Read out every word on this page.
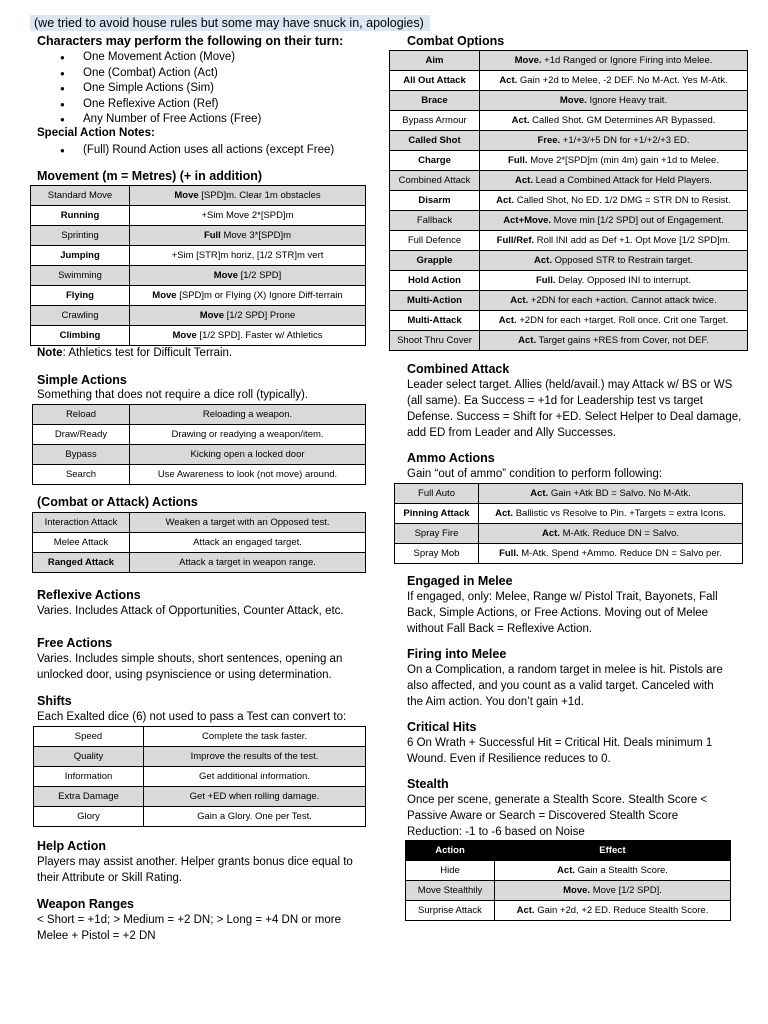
(we tried to avoid house rules but some may have snuck in, apologies)
Characters may perform the following on their turn:
● One Movement Action (Move)
● One (Combat) Action (Act)
● One Simple Actions (Sim)
● One Reflexive Action (Ref)
● Any Number of Free Actions (Free)
Special Action Notes:
● (Full) Round Action uses all actions (except Free)
Movement (m = Metres) (+ in addition)
Standard Move	Move [SPD]m. Clear 1m obstacles
Running	+Sim Move 2*[SPD]m
Sprinting	Full Move 3*[SPD]m
Jumping	+Sim [STR]m horiz, [1/2 STR]m vert
Swimming	Move [1/2 SPD]
Flying	Move [SPD]m or Flying (X) Ignore Diff-terrain
Crawling	Move [1/2 SPD] Prone
Climbing	Move [1/2 SPD]. Faster w/ Athletics

Note: Athletics test for Difficult Terrain.

Simple Actions

Something that does not require a dice roll (typically).

Reload	Reloading a weapon.
Draw/Ready	Drawing or readying a weapon/item.
Bypass	Kicking open a locked door
Search	Use Awareness to look (not move) around.
(Combat or Attack) Actions
Interaction Attack	Weaken a target with an Opposed test.
Melee Attack	Attack an engaged target.
Ranged Attack	Attack a target in weapon range.
Reflexive Actions

Varies. Includes Attack of Opportunities, Counter Attack, etc.

Free Actions

Varies. Includes simple shouts, short sentences, opening an unlocked door, using psyniscience or using determination.

Shifts

Each Exalted dice (6) not used to pass a Test can convert to:

Speed	Complete the task faster.
Quality	Improve the results of the test.
Information	Get additional information.
Extra Damage	Get +ED when rolling damage.
Glory	Gain a Glory. One per Test.
Help Action

Players may assist another. Helper grants bonus dice equal to their Attribute or Skill Rating.

Weapon Ranges

< Short = +1d; > Medium = +2 DN; > Long = +4 DN or more Melee + Pistol = +2 DN

Combat Options
Aim	Move. +1d Ranged or Ignore Firing into Melee.
All Out Attack	Act. Gain +2d to Melee, -2 DEF. No M-Act. Yes M-Atk.
Brace	Move. Ignore Heavy trait.
Bypass Armour	Act. Called Shot. GM Determines AR Bypassed.
Called Shot	Free. +1/+3/+5 DN for +1/+2/+3 ED.
Charge	Full. Move 2*[SPD]m (min 4m) gain +1d to Melee.
Combined Attack	Act. Lead a Combined Attack for Held Players.
Disarm	Act. Called Shot, No ED. 1/2 DMG = STR DN to Resist.
Fallback	Act+Move. Move min [1/2 SPD] out of Engagement.
Full Defence	Full/Ref. Roll INI add as Def +1. Opt Move [1/2 SPD]m.
Grapple	Act. Opposed STR to Restrain target.
Hold Action	Full. Delay. Opposed INI to interrupt.
Multi-Action	Act. +2DN for each +action. Cannot attack twice.
Multi-Attack	Act. +2DN for each +target. Roll once. Crit one Target.
Shoot Thru Cover	Act. Target gains +RES from Cover, not DEF.
Combined Attack

Leader select target. Allies (held/avail.) may Attack w/ BS or WS (all same). Ea Success = +1d for Leadership test vs target Defense. Success = Shift for +ED. Select Helper to Deal damage, add ED from Leader and Ally Successes.

Ammo Actions

Gain “out of ammo” condition to perform following:

Full Auto	Act. Gain +Atk BD = Salvo. No M-Atk.
Pinning Attack	Act. Ballistic vs Resolve to Pin. +Targets = extra Icons.
Spray Fire	Act. M-Atk. Reduce DN = Salvo.
Spray Mob	Full. M-Atk. Spend +Ammo. Reduce DN = Salvo per.
Engaged in Melee

If engaged, only: Melee, Range w/ Pistol Trait, Bayonets, Fall Back, Simple Actions, or Free Actions. Moving out of Melee without Fall Back = Reflexive Action.

Firing into Melee

On a Complication, a random target in melee is hit. Pistols are also affected, and you count as a valid target. Canceled with the Aim action. You don’t gain +1d.

Critical Hits

6 On Wrath + Successful Hit = Critical Hit. Deals minimum 1 Wound. Even if Resilience reduces to 0.

Stealth

Once per scene, generate a Stealth Score. Stealth Score < Passive Aware or Search = Discovered Stealth Score Reduction: -1 to -6 based on Noise

Action	Effect
Hide	Act. Gain a Stealth Score.
Move Stealthily	Move. Move [1/2 SPD].
Surprise Attack	Act. Gain +2d, +2 ED. Reduce Stealth Score.
